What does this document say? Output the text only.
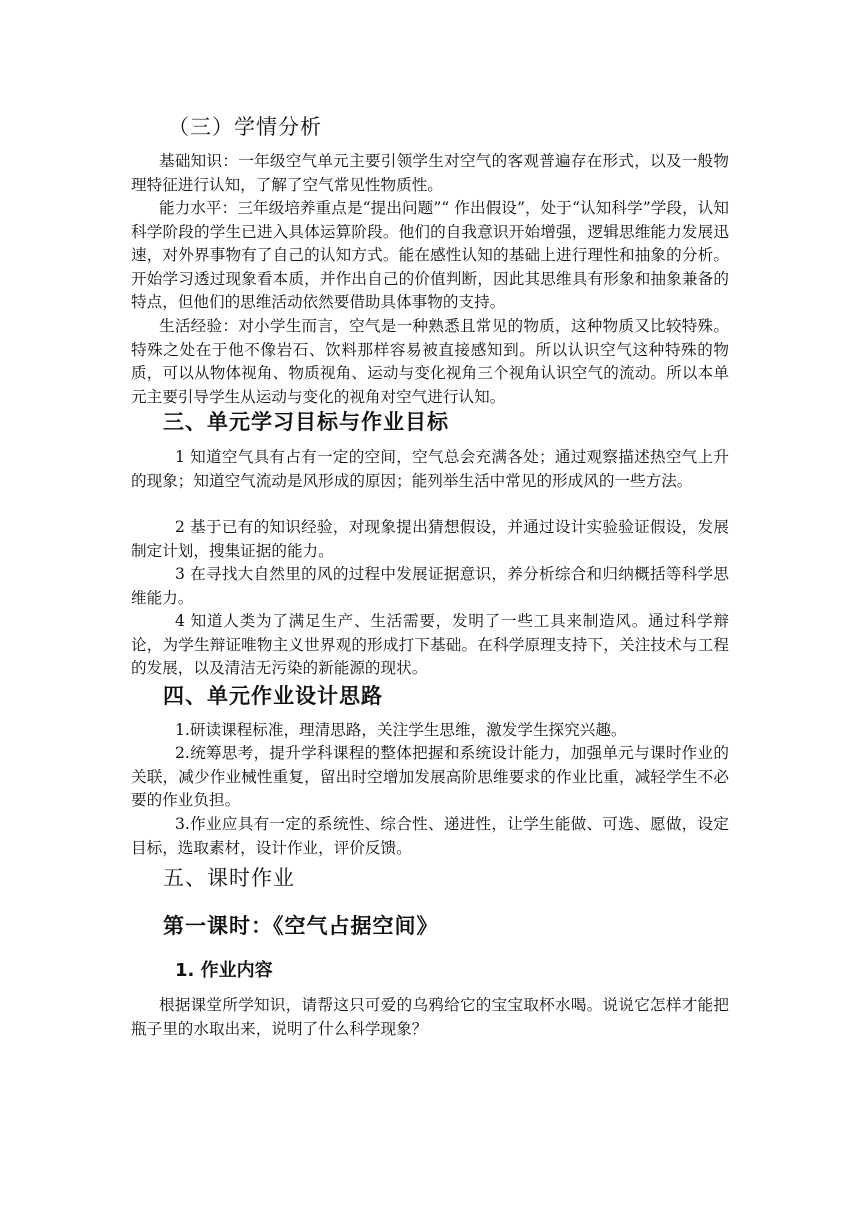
（三）学情分析

基础知识：一年级空气单元主要引领学生对空气的客观普遍存在形式，以及一般物理特征进行认知，了解了空气常见性物质性。

能力水平：三年级培养重点是“提出问题”“ 作出假设”，处于“认知科学”学段，认知科学阶段的学生已进入具体运算阶段。他们的自我意识开始增强，逻辑思维能力发展迅速，对外界事物有了自己的认知方式。能在感性认知的基础上进行理性和抽象的分析。开始学习透过现象看本质，并作出自己的价值判断，因此其思维具有形象和抽象兼备的特点，但他们的思维活动依然要借助具体事物的支持。

生活经验：对小学生而言，空气是一种熟悉且常见的物质，这种物质又比较特殊。特殊之处在于他不像岩石、饮料那样容易被直接感知到。所以认识空气这种特殊的物质，可以从物体视角、物质视角、运动与变化视角三个视角认识空气的流动。所以本单元主要引导学生从运动与变化的视角对空气进行认知。

三、单元学习目标与作业目标

1 知道空气具有占有一定的空间，空气总会充满各处；通过观察描述热空气上升的现象；知道空气流动是风形成的原因；能列举生活中常见的形成风的一些方法。

2 基于已有的知识经验，对现象提出猜想假设，并通过设计实验验证假设，发展制定计划，搜集证据的能力。

3 在寻找大自然里的风的过程中发展证据意识，养分析综合和归纳概括等科学思维能力。

4 知道人类为了满足生产、生活需要，发明了一些工具来制造风。通过科学辩论，为学生辩证唯物主义世界观的形成打下基础。在科学原理支持下，关注技术与工程的发展，以及清洁无污染的新能源的现状。

四、单元作业设计思路

1.研读课程标准，理清思路，关注学生思维，激发学生探究兴趣。

2.统筹思考，提升学科课程的整体把握和系统设计能力，加强单元与课时作业的关联，减少作业械性重复，留出时空增加发展高阶思维要求的作业比重，减轻学生不必要的作业负担。

3.作业应具有一定的系统性、综合性、递进性，让学生能做、可选、愿做，设定目标，选取素材，设计作业，评价反馈。

五、课时作业
第一课时：《空气占据空间》
1. 作业内容

根据课堂所学知识，请帮这只可爱的乌鸦给它的宝宝取杯水喝。说说它怎样才能把瓶子里的水取出来，说明了什么科学现象？
